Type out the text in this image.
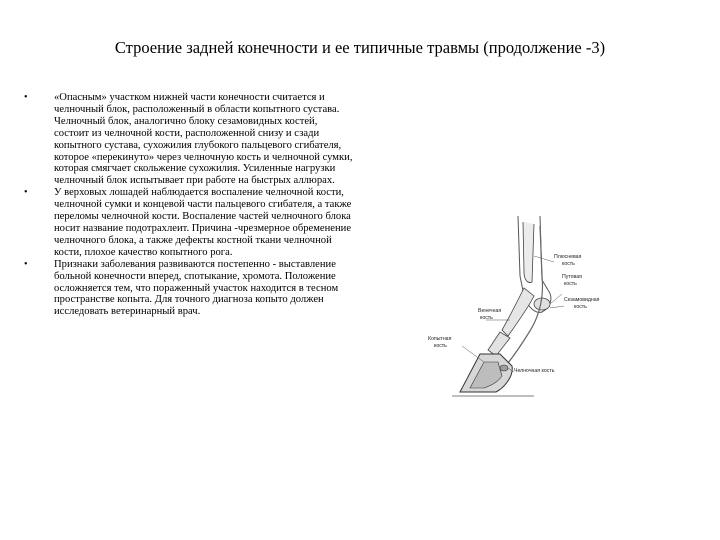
Строение задней конечности и ее типичные травмы (продолжение -3)
• «Опасным» участком нижней части конечности считается и челночный блок, расположенный в области копытного сустава. Челночный блок, аналогично блоку сезамовидных костей, состоит из челночной кости, расположенной снизу и сзади копытного сустава, сухожилия глубокого пальцевого сгибателя, которое «перекинуто» через челночную кость и челночной сумки, которая смягчает скольжение сухожилия. Усиленные нагрузки челночный блок испытывает при работе на быстрых аллюрах.
• У верховых лошадей наблюдается воспаление челночной кости, челночной сумки и концевой части пальцевого сгибателя, а также переломы челночной кости. Воспаление частей челночного блока носит название подотрахлеит. Причина -чрезмерное обременение челночного блока, а также дефекты костной ткани челночной кости, плохое качество копытного рога.
• Признаки заболевания развиваются постепенно - выставление больной конечности вперед, спотыкание, хромота. Положение осложняется тем, что пораженный участок находится в тесном пространстве копыта. Для точного диагноза копыто должен исследовать ветеринарный врач.
Плюсневая
кость
Путовая
кость
Сезамовидная
кость
Венечная
кость
Копытная
кость
Челночная кость
